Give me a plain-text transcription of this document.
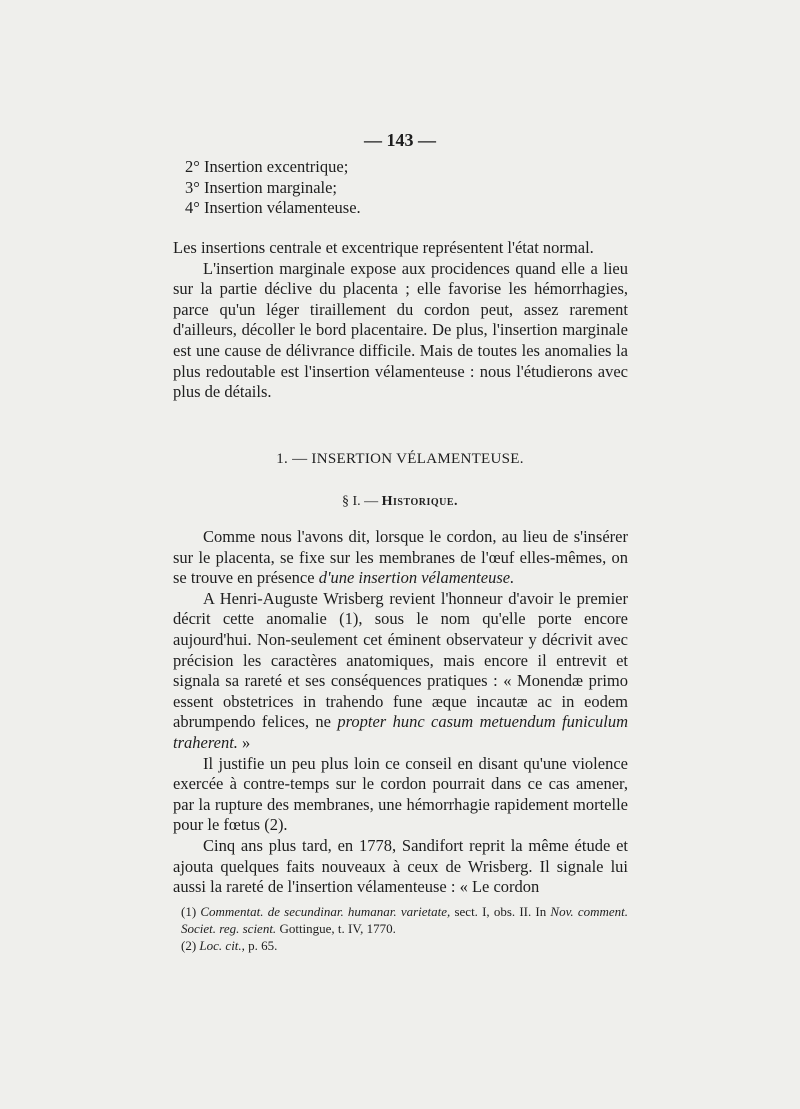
— 143 —
2° Insertion excentrique;
3° Insertion marginale;
4° Insertion vélamenteuse.
Les insertions centrale et excentrique représentent l'état normal.
L'insertion marginale expose aux procidences quand elle a lieu sur la partie déclive du placenta ; elle favorise les hémorrhagies, parce qu'un léger tiraillement du cordon peut, assez rarement d'ailleurs, décoller le bord placentaire. De plus, l'insertion marginale est une cause de délivrance difficile. Mais de toutes les anomalies la plus redoutable est l'insertion vélamenteuse : nous l'étudierons avec plus de détails.
1. — INSERTION VÉLAMENTEUSE.
§ I. — Historique.
Comme nous l'avons dit, lorsque le cordon, au lieu de s'insérer sur le placenta, se fixe sur les membranes de l'œuf elles-mêmes, on se trouve en présence d'une insertion vélamenteuse.
A Henri-Auguste Wrisberg revient l'honneur d'avoir le premier décrit cette anomalie (1), sous le nom qu'elle porte encore aujourd'hui. Non-seulement cet éminent observateur y décrivit avec précision les caractères anatomiques, mais encore il entrevit et signala sa rareté et ses conséquences pratiques : « Monendæ primo essent obstetrices in trahendo fune æque incautæ ac in eodem abrumpendo felices, ne propter hunc casum metuendum funiculum traherent. »
Il justifie un peu plus loin ce conseil en disant qu'une violence exercée à contre-temps sur le cordon pourrait dans ce cas amener, par la rupture des membranes, une hémorrhagie rapidement mortelle pour le fœtus (2).
Cinq ans plus tard, en 1778, Sandifort reprit la même étude et ajouta quelques faits nouveaux à ceux de Wrisberg. Il signale lui aussi la rareté de l'insertion vélamenteuse : « Le cordon
(1) Commentat. de secundinar. humanar. varietate, sect. I, obs. II. In Nov. comment. Societ. reg. scient. Gottingue, t. IV, 1770.
(2) Loc. cit., p. 65.
